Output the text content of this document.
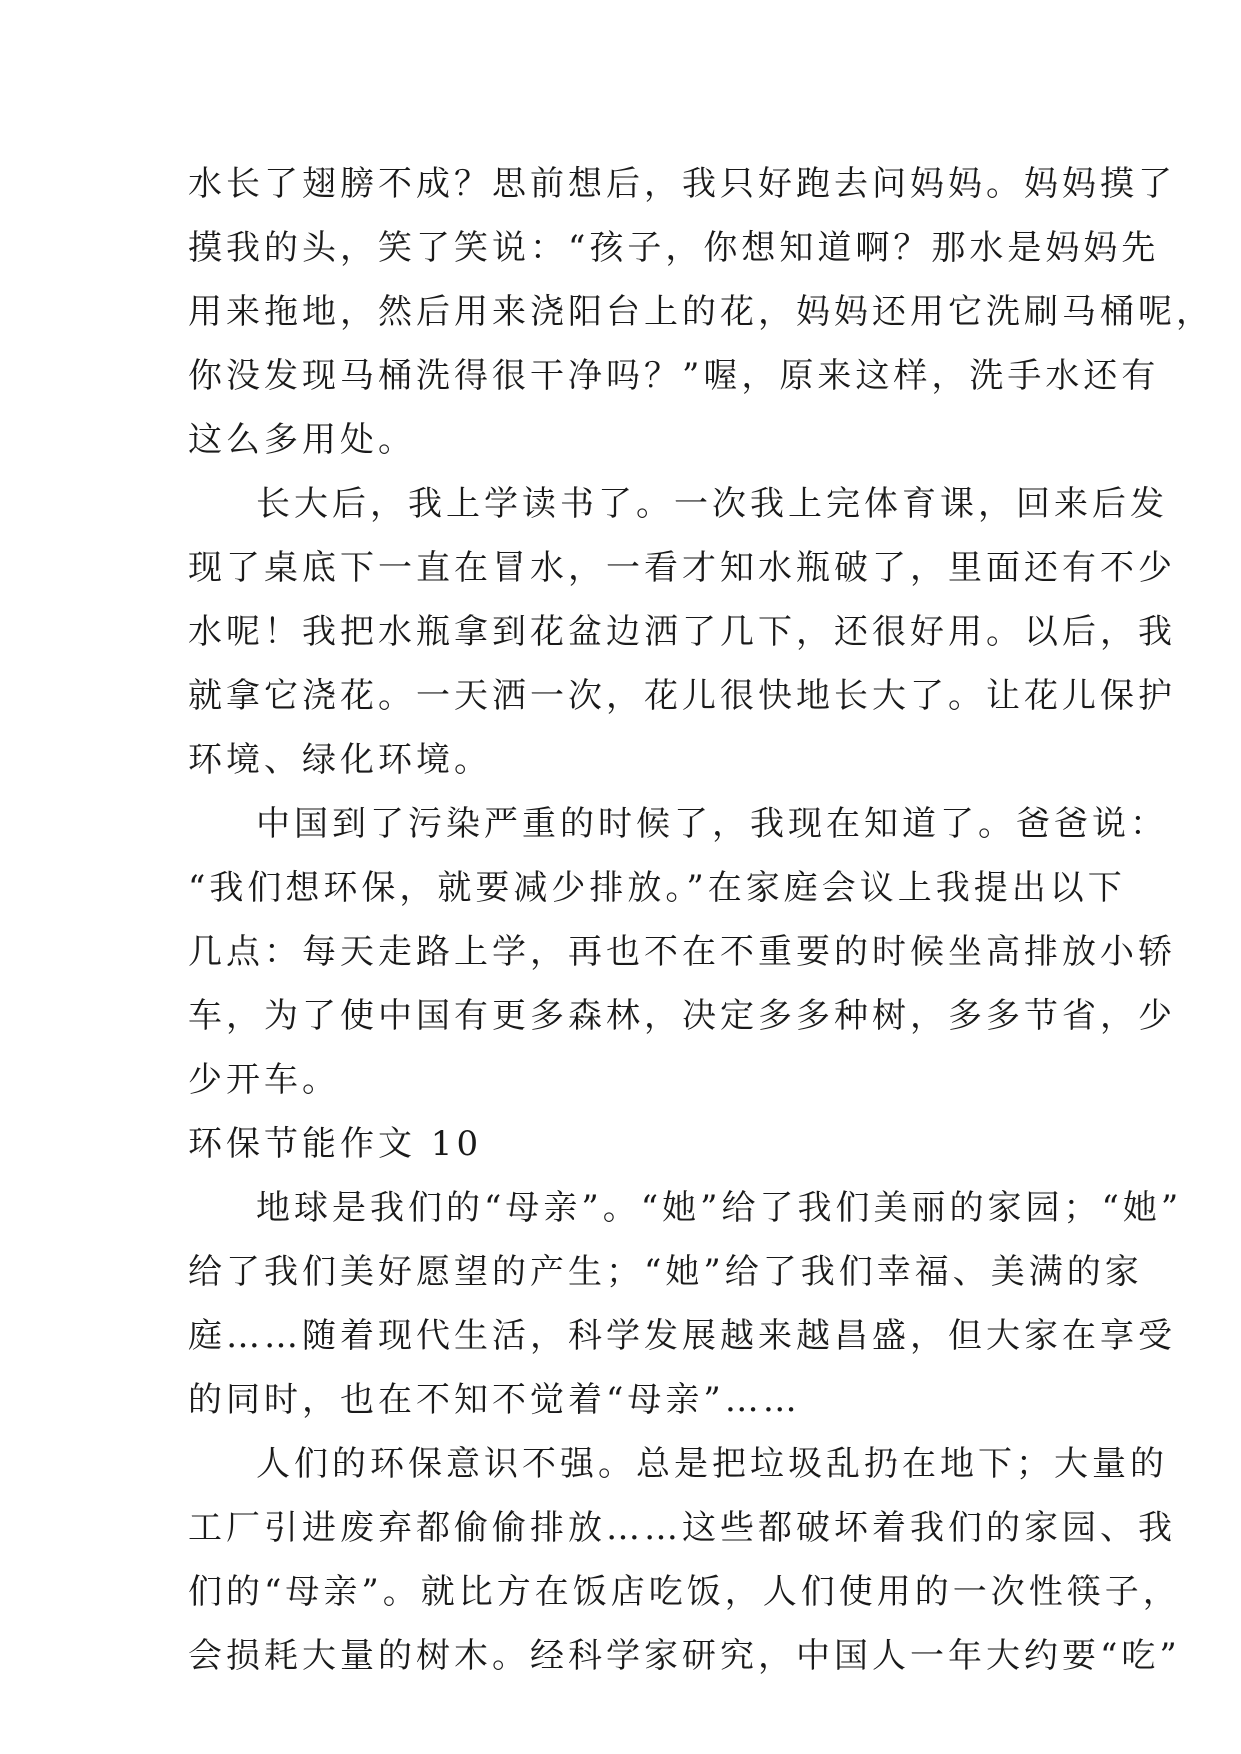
水长了翅膀不成？思前想后，我只好跑去问妈妈。妈妈摸了
摸我的头，笑了笑说：“孩子，你想知道啊？那水是妈妈先
用来拖地，然后用来浇阳台上的花，妈妈还用它洗刷马桶呢，
你没发现马桶洗得很干净吗？”喔，原来这样，洗手水还有
这么多用处。

长大后，我上学读书了。一次我上完体育课，回来后发
现了桌底下一直在冒水，一看才知水瓶破了，里面还有不少
水呢！我把水瓶拿到花盆边洒了几下，还很好用。以后，我
就拿它浇花。一天洒一次，花儿很快地长大了。让花儿保护
环境、绿化环境。

中国到了污染严重的时候了，我现在知道了。爸爸说：
“我们想环保，就要减少排放。”在家庭会议上我提出以下
几点：每天走路上学，再也不在不重要的时候坐高排放小轿
车，为了使中国有更多森林，决定多多种树，多多节省，少
少开车。

环保节能作文 10

地球是我们的“母亲”。“她”给了我们美丽的家园；“她”
给了我们美好愿望的产生；“她”给了我们幸福、美满的家
庭……随着现代生活，科学发展越来越昌盛，但大家在享受
的同时，也在不知不觉着“母亲”……

人们的环保意识不强。总是把垃圾乱扔在地下；大量的
工厂引进废弃都偷偷排放……这些都破坏着我们的家园、我
们的“母亲”。就比方在饭店吃饭，人们使用的一次性筷子，
会损耗大量的树木。经科学家研究，中国人一年大约要“吃”
